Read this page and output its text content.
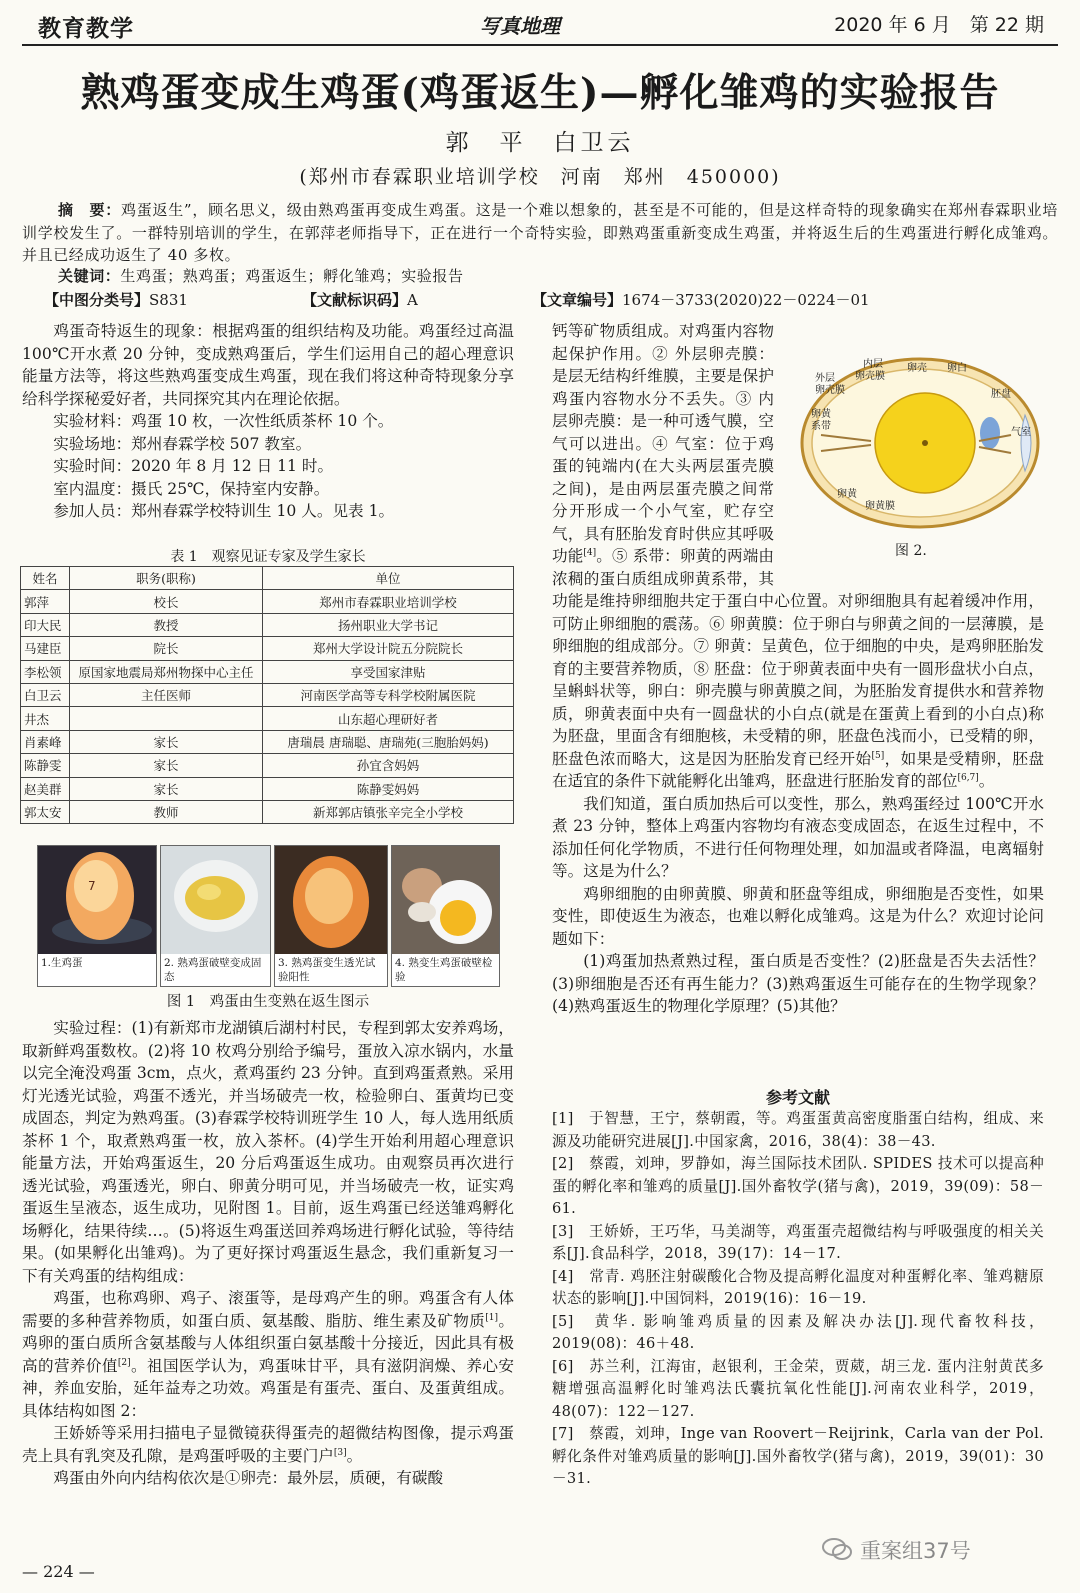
教育教学	写真地理	2020 年 6 月　第 22 期
熟鸡蛋变成生鸡蛋(鸡蛋返生)—孵化雏鸡的实验报告
郭　平　白卫云
(郑州市春霖职业培训学校　河南　郑州　450000)
摘　要：鸡蛋返生”，顾名思义，级由熟鸡蛋再变成生鸡蛋。这是一个难以想象的，甚至是不可能的，但是这样奇特的现象确实在郑州春霖职业培训学校发生了。一群特别培训的学生，在郭萍老师指导下，正在进行一个奇特实验，即熟鸡蛋重新变成生鸡蛋，并将返生后的生鸡蛋进行孵化成雏鸡。并且已经成功返生了 40 多枚。
关键词：生鸡蛋；熟鸡蛋；鸡蛋返生；孵化雏鸡；实验报告
【中图分类号】S831	【文献标识码】A	【文章编号】1674－3733(2020)22－0224－01

鸡蛋奇特返生的现象：根据鸡蛋的组织结构及功能。鸡蛋经过高温 100℃开水煮 20 分钟，变成熟鸡蛋后，学生们运用自己的超心理意识能量方法等，将这些熟鸡蛋变成生鸡蛋，现在我们将这种奇特现象分享给科学探秘爱好者，共同探究其内在理论依据。

实验材料：鸡蛋 10 枚，一次性纸质茶杯 10 个。

实验场地：郑州春霖学校 507 教室。

实验时间：2020 年 8 月 12 日 11 时。

室内温度：摄氏 25℃，保持室内安静。

参加人员：郑州春霖学校特训生 10 人。见表 1。

表 1　观察见证专家及学生家长
姓名	职务(职称)	单位
郭萍	校长	郑州市春霖职业培训学校
印大民	教授	扬州职业大学书记
马建臣	院长	郑州大学设计院五分院院长
李松领	原国家地震局郑州物探中心主任	享受国家津贴
白卫云	主任医师	河南医学高等专科学校附属医院
井杰		山东超心理研好者
肖素峰	家长	唐瑞晨 唐瑞聪、唐瑞苑(三胞胎妈妈)
陈静雯	家长	孙宜含妈妈
赵美群	家长	陈静雯妈妈
郭太安	教师	新郑郭店镇张辛完全小学校
7
1.生鸡蛋	2. 熟鸡蛋破壁变成固态
3. 熟鸡蛋变生透光试验阳性
4. 熟变生鸡蛋破壁检验
图 1　鸡蛋由生变熟在返生图示

实验过程：(1)有新郑市龙湖镇后湖村村民，专程到郭太安养鸡场，取新鲜鸡蛋数枚。(2)将 10 枚鸡分别给予编号，蛋放入凉水锅内，水量以完全淹没鸡蛋 3cm，点火，煮鸡蛋约 23 分钟。直到鸡蛋煮熟。采用灯光透光试验，鸡蛋不透光，并当场破壳一枚，检验卵白、蛋黄均已变成固态，判定为熟鸡蛋。(3)春霖学校特训班学生 10 人，每人选用纸质茶杯 1 个，取煮熟鸡蛋一枚，放入茶杯。(4)学生开始利用超心理意识能量方法，开始鸡蛋返生，20 分后鸡蛋返生成功。由观察员再次进行透光试验，鸡蛋透光，卵白、卵黄分明可见，并当场破壳一枚，证实鸡蛋返生呈液态，返生成功，见附图 1。目前，返生鸡蛋已经送雏鸡孵化场孵化，结果待续…。(5)将返生鸡蛋送回养鸡场进行孵化试验，等待结果。(如果孵化出雏鸡)。为了更好探讨鸡蛋返生悬念，我们重新复习一下有关鸡蛋的结构组成：

鸡蛋，也称鸡卵、鸡子、滚蛋等，是母鸡产生的卵。鸡蛋含有人体需要的多种营养物质，如蛋白质、氨基酸、脂肪、维生素及矿物质[1]。鸡卵的蛋白质所含氨基酸与人体组织蛋白氨基酸十分接近，因此具有极高的营养价值[2]。祖国医学认为，鸡蛋味甘平，具有滋阴润燥、养心安神，养血安胎，延年益寿之功效。鸡蛋是有蛋壳、蛋白、及蛋黄组成。具体结构如图 2：

王娇娇等采用扫描电子显微镜获得蛋壳的超微结构图像，提示鸡蛋壳上具有乳突及孔隙，是鸡蛋呼吸的主要门户[3]。

鸡蛋由外向内结构依次是①卵壳：最外层，质硬，有碳酸

内层
卵壳膜
卵壳 卵白
外层
卵壳膜
卵黄
系带
胚盘
气室
卵黄
卵黄膜
图 2.

钙等矿物质组成。对鸡蛋内容物起保护作用。② 外层卵壳膜：是层无结构纤维膜，主要是保护鸡蛋内容物水分不丢失。③ 内层卵壳膜：是一种可透气膜，空气可以进出。④ 气室：位于鸡蛋的钝端内(在大头两层蛋壳膜之间)，是由两层蛋壳膜之间常分开形成一个小气室，贮存空气，具有胚胎发育时供应其呼吸功能[4]。⑤ 系带：卵黄的两端由浓稠的蛋白质组成卵黄系带，其功能是维持卵细胞共定于蛋白中心位置。对卵细胞具有起着缓冲作用，可防止卵细胞的震荡。⑥ 卵黄膜：位于卵白与卵黄之间的一层薄膜，是卵细胞的组成部分。⑦ 卵黄：呈黄色，位于细胞的中央，是鸡卵胚胎发育的主要营养物质，⑧ 胚盘：位于卵黄表面中央有一圆形盘状小白点，呈蝌蚪状等，卵白：卵壳膜与卵黄膜之间，为胚胎发育提供水和营养物质，卵黄表面中央有一圆盘状的小白点(就是在蛋黄上看到的小白点)称为胚盘，里面含有细胞核，未受精的卵，胚盘色浅而小，已受精的卵，胚盘色浓而略大，这是因为胚胎发育已经开始[5]，如果是受精卵，胚盘在适宜的条件下就能孵化出雏鸡，胚盘进行胚胎发育的部位[6,7]。

我们知道，蛋白质加热后可以变性，那么，熟鸡蛋经过 100℃开水煮 23 分钟，整体上鸡蛋内容物均有液态变成固态，在返生过程中，不添加任何化学物质，不进行任何物理处理，如加温或者降温，电离辐射等。这是为什么？

鸡卵细胞的由卵黄膜、卵黄和胚盘等组成，卵细胞是否变性，如果变性，即使返生为液态，也难以孵化成雏鸡。这是为什么？欢迎讨论问题如下：

(1)鸡蛋加热煮熟过程，蛋白质是否变性？(2)胚盘是否失去活性？(3)卵细胞是否还有再生能力？(3)熟鸡蛋返生可能存在的生物学现象？(4)熟鸡蛋返生的物理化学原理？(5)其他？

参考文献

[1]　于智慧，王宁，蔡朝霞，等。鸡蛋蛋黄高密度脂蛋白结构，组成、来源及功能研究进展[J].中国家禽，2016，38(4)：38－43.

[2]　蔡霞，刘珅，罗静如，海兰国际技术团队. SPIDES 技术可以提高种蛋的孵化率和雏鸡的质量[J].国外畜牧学(猪与禽)，2019，39(09)：58－61.

[3]　王娇娇，王巧华，马美湖等，鸡蛋蛋壳超微结构与呼吸强度的相关关系[J].食品科学，2018，39(17)：14－17.

[4]　常青. 鸡胚注射碳酸化合物及提高孵化温度对种蛋孵化率、雏鸡糖原状态的影响[J].中国饲料，2019(16)：16－19.

[5]　黄华. 影响雏鸡质量的因素及解决办法[J].现代畜牧科技，2019(08)：46＋48.

[6]　苏兰利，江海宙，赵银利，王金荣，贾葳，胡三龙. 蛋内注射黄芪多糖增强高温孵化时雏鸡法氏囊抗氧化性能[J].河南农业科学，2019，48(07)：122－127.

[7]　蔡霞，刘珅，Inge van Roovert－Reijrink，Carla van der Pol. 孵化条件对雏鸡质量的影响[J].国外畜牧学(猪与禽)，2019，39(01)：30－31.

— 224 —
重案组37号
